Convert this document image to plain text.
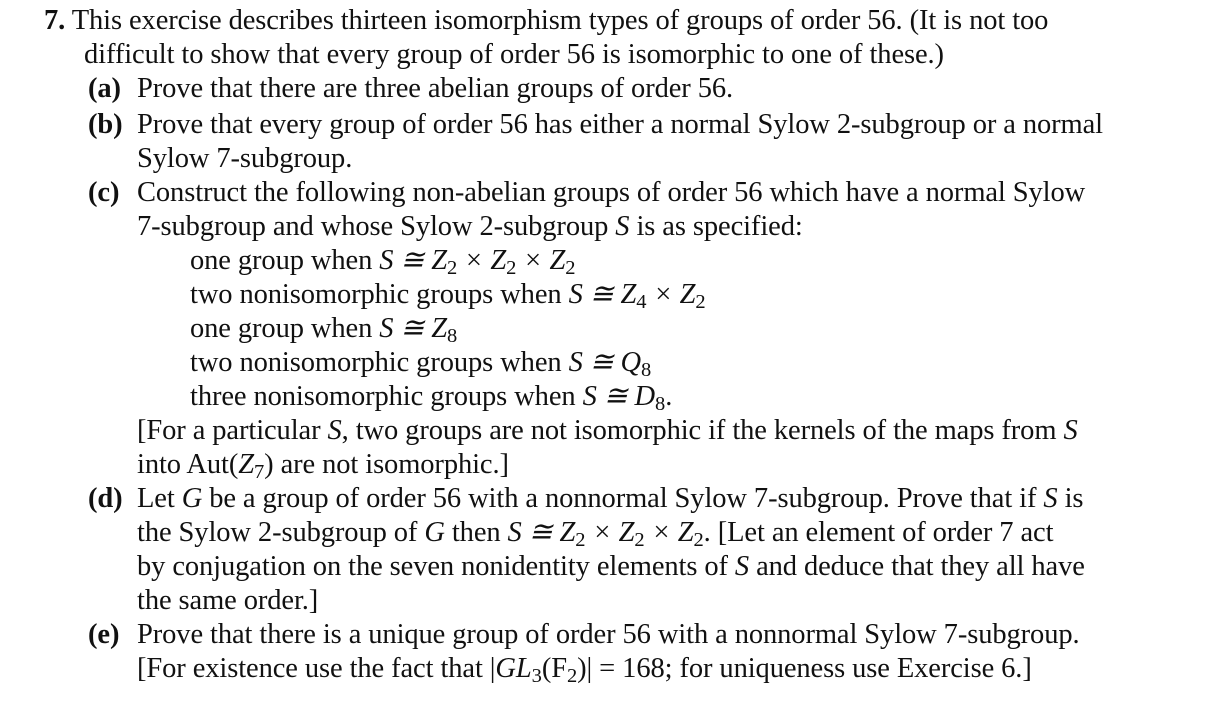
7. This exercise describes thirteen isomorphism types of groups of order 56. (It is not too
difficult to show that every group of order 56 is isomorphic to one of these.)
(a) Prove that there are three abelian groups of order 56.
(b) Prove that every group of order 56 has either a normal Sylow 2-subgroup or a normal
Sylow 7-subgroup.
(c) Construct the following non-abelian groups of order 56 which have a normal Sylow
7-subgroup and whose Sylow 2-subgroup S is as specified:
one group when S ≅ $Z_2 \times Z_2 \times Z_2$
two nonisomorphic groups when S ≅ $Z_4 \times Z_2$
one group when S ≅ $Z_8$
two nonisomorphic groups when S ≅ $Q_8$
three nonisomorphic groups when S ≅ $D_8$.
[For a particular S, two groups are not isomorphic if the kernels of the maps from S
into $Aut(Z_7)$ are not isomorphic.]
(d) Let G be a group of order 56 with a nonnormal Sylow 7-subgroup. Prove that if S is
the Sylow 2-subgroup of G then S ≅ $Z_2 \times Z_2 \times Z_2$. [Let an element of order 7 act
by conjugation on the seven nonidentity elements of S and deduce that they all have
the same order.]
(e) Prove that there is a unique group of order 56 with a nonnormal Sylow 7-subgroup.
[For existence use the fact that $|GL_3(F_2)| = 168$; for uniqueness use Exercise 6.]
